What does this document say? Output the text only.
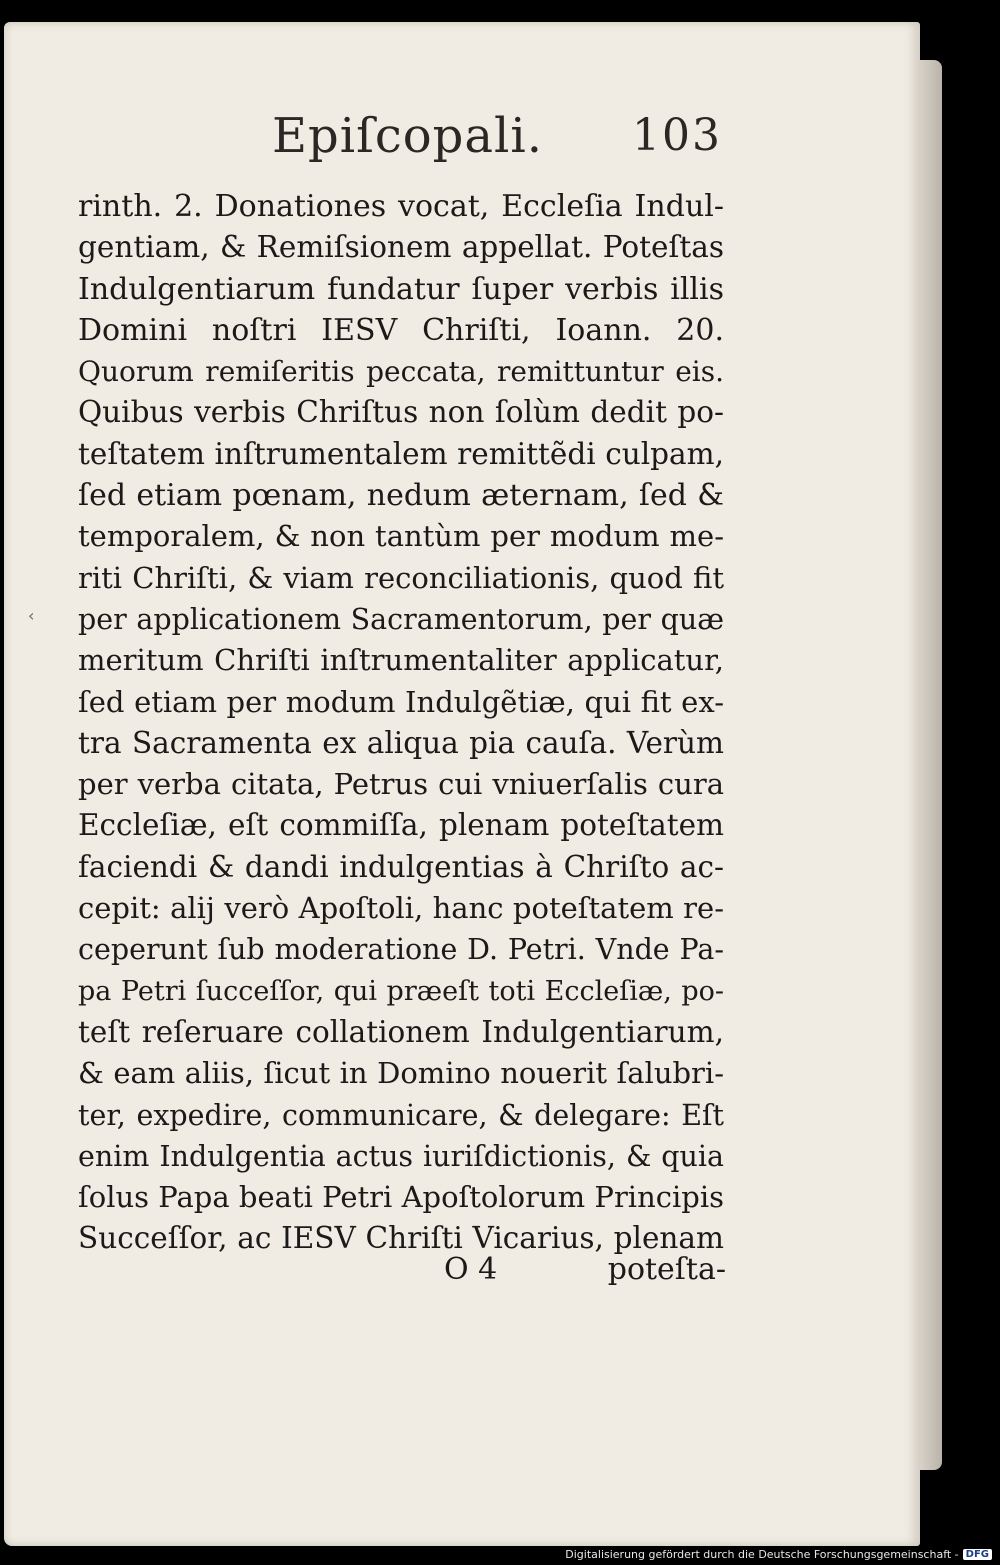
Epiſcopali. 103
‹
rinth. 2. Donationes vocat, Eccleſia Indul-
gentiam, & Remiſsionem appellat. Poteſtas
Indulgentiarum fundatur ſuper verbis illis
Domini noſtri IESV Chriſti, Ioann. 20.
Quorum remiſeritis peccata, remittuntur eis.
Quibus verbis Chriſtus non ſolùm dedit po-
teſtatem inſtrumentalem remittẽdi culpam,
ſed etiam pœnam, nedum æternam, ſed &
temporalem, & non tantùm per modum me-
riti Chriſti, & viam reconciliationis, quod fit
per applicationem Sacramentorum, per quæ
meritum Chriſti inſtrumentaliter applicatur,
ſed etiam per modum Indulgẽtiæ, qui fit ex-
tra Sacramenta ex aliqua pia cauſa. Verùm
per verba citata, Petrus cui vniuerſalis cura
Eccleſiæ, eſt commiſſa, plenam poteſtatem
faciendi & dandi indulgentias à Chriſto ac-
cepit: alij verò Apoſtoli, hanc poteſtatem re-
ceperunt ſub moderatione D. Petri. Vnde Pa-
pa Petri ſucceſſor, qui præeſt toti Eccleſiæ, po-
teſt reſeruare collationem Indulgentiarum,
& eam aliis, ſicut in Domino nouerit ſalubri-
ter, expedire, communicare, & delegare: Eſt
enim Indulgentia actus iuriſdictionis, & quia
ſolus Papa beati Petri Apoſtolorum Principis
Succeſſor, ac IESV Chriſti Vicarius, plenam
O 4	poteſta-
Digitalisierung gefördert durch die Deutsche Forschungsgemeinschaft - DFG
